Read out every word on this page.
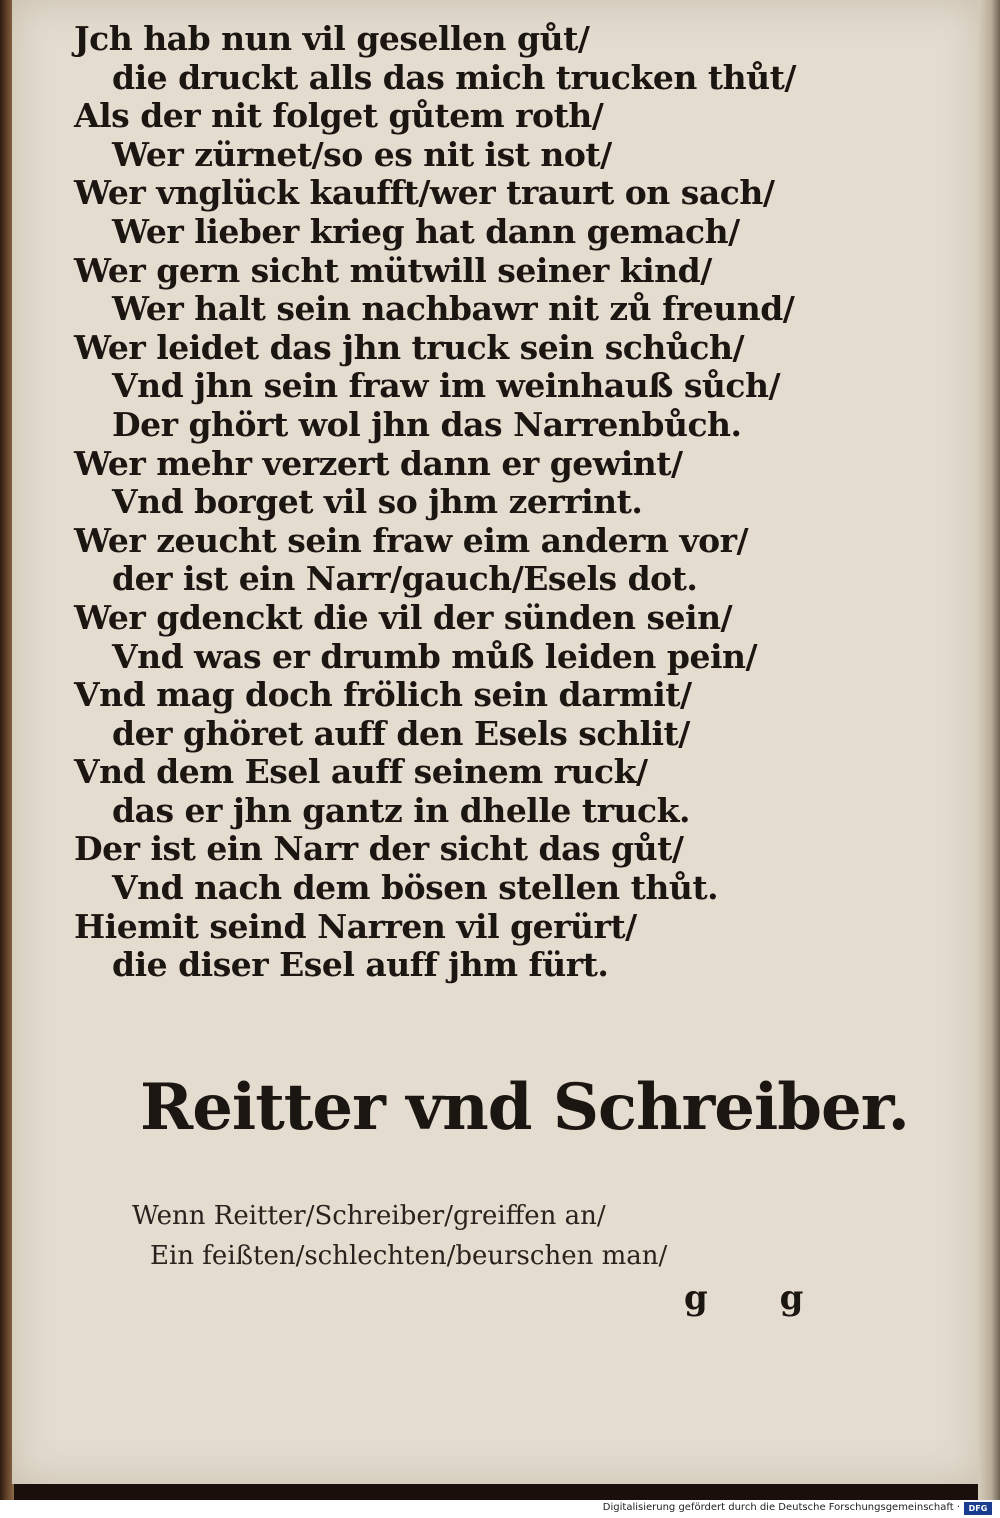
Jch hab nun vil gesellen gůt/
die druckt alls das mich trucken thůt/
Als der nit folget gůtem roth/
Wer zürnet/so es nit ist not/
Wer vnglück kaufft/wer traurt on sach/
Wer lieber krieg hat dann gemach/
Wer gern sicht mütwill seiner kind/
Wer halt sein nachbawr nit zů freund/
Wer leidet das jhn truck sein schůch/
Vnd jhn sein fraw im weinhauß sůch/
Der ghört wol jhn das Narrenbůch.
Wer mehr verzert dann er gewint/
Vnd borget vil so jhm zerrint.
Wer zeucht sein fraw eim andern vor/
der ist ein Narr/gauch/Esels dot.
Wer gdenckt die vil der sünden sein/
Vnd was er drumb můß leiden pein/
Vnd mag doch frölich sein darmit/
der ghöret auff den Esels schlit/
Vnd dem Esel auff seinem ruck/
das er jhn gantz in dhelle truck.
Der ist ein Narr der sicht das gůt/
Vnd nach dem bösen stellen thůt.
Hiemit seind Narren vil gerürt/
die diser Esel auff jhm fürt.
Reitter vnd Schreiber.
Wenn Reitter/Schreiber/greiffen an/
Ein feißten/schlechten/beurschen man/
g g
Digitalisierung gefördert durch die Deutsche Forschungsgemeinschaft ·	DFG
